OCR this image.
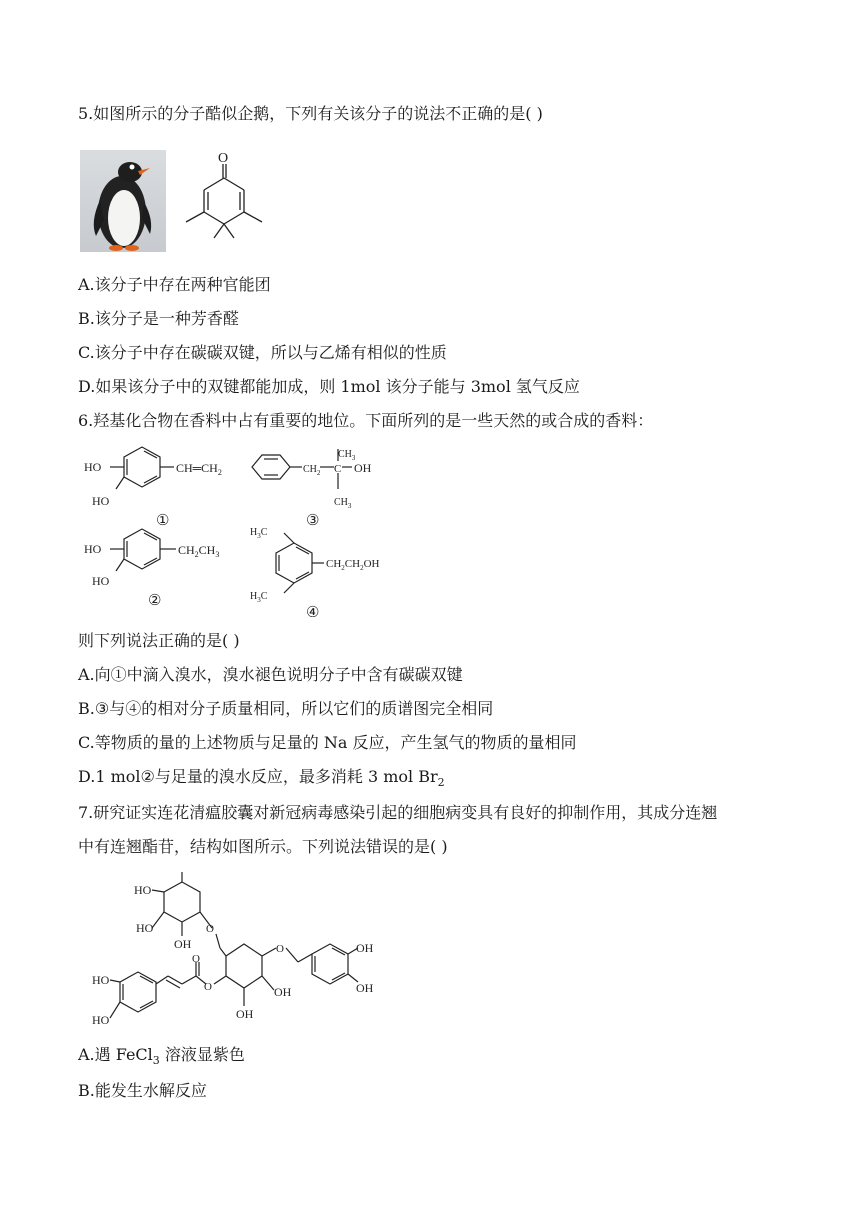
5.如图所示的分子酷似企鹅，下列有关该分子的说法不正确的是( )
O
A.该分子中存在两种官能团
B.该分子是一种芳香醛
C.该分子中存在碳碳双键，所以与乙烯有相似的性质
D.如果该分子中的双键都能加成，则 1mol 该分子能与 3mol 氢气反应
6.羟基化合物在香料中占有重要的地位。下面所列的是一些天然的或合成的香料：
HO
HO
$CH═CH_2$
①
$CH_2$ C OH
$CH_3$
$CH_3$
③
HO
HO
$CH_2CH_3$
②
$H_3C$
$H_3C$
$CH_2CH_2OH$
④
则下列说法正确的是( )
A.向①中滴入溴水，溴水褪色说明分子中含有碳碳双键
B.③与④的相对分子质量相同，所以它们的质谱图完全相同
C.等物质的量的上述物质与足量的 Na 反应，产生氢气的物质的量相同
D.1 mol②与足量的溴水反应，最多消耗 3 mol $Br_2$
7.研究证实连花清瘟胶囊对新冠病毒感染引起的细胞病变具有良好的抑制作用，其成分连翘
中有连翘酯苷，结构如图所示。下列说法错误的是( )
HO
HO
OH
O
O
O
O
OH
OH
OH
OH
HO
HO
A.遇 FeCl$_3$ 溶液显紫色
B.能发生水解反应
